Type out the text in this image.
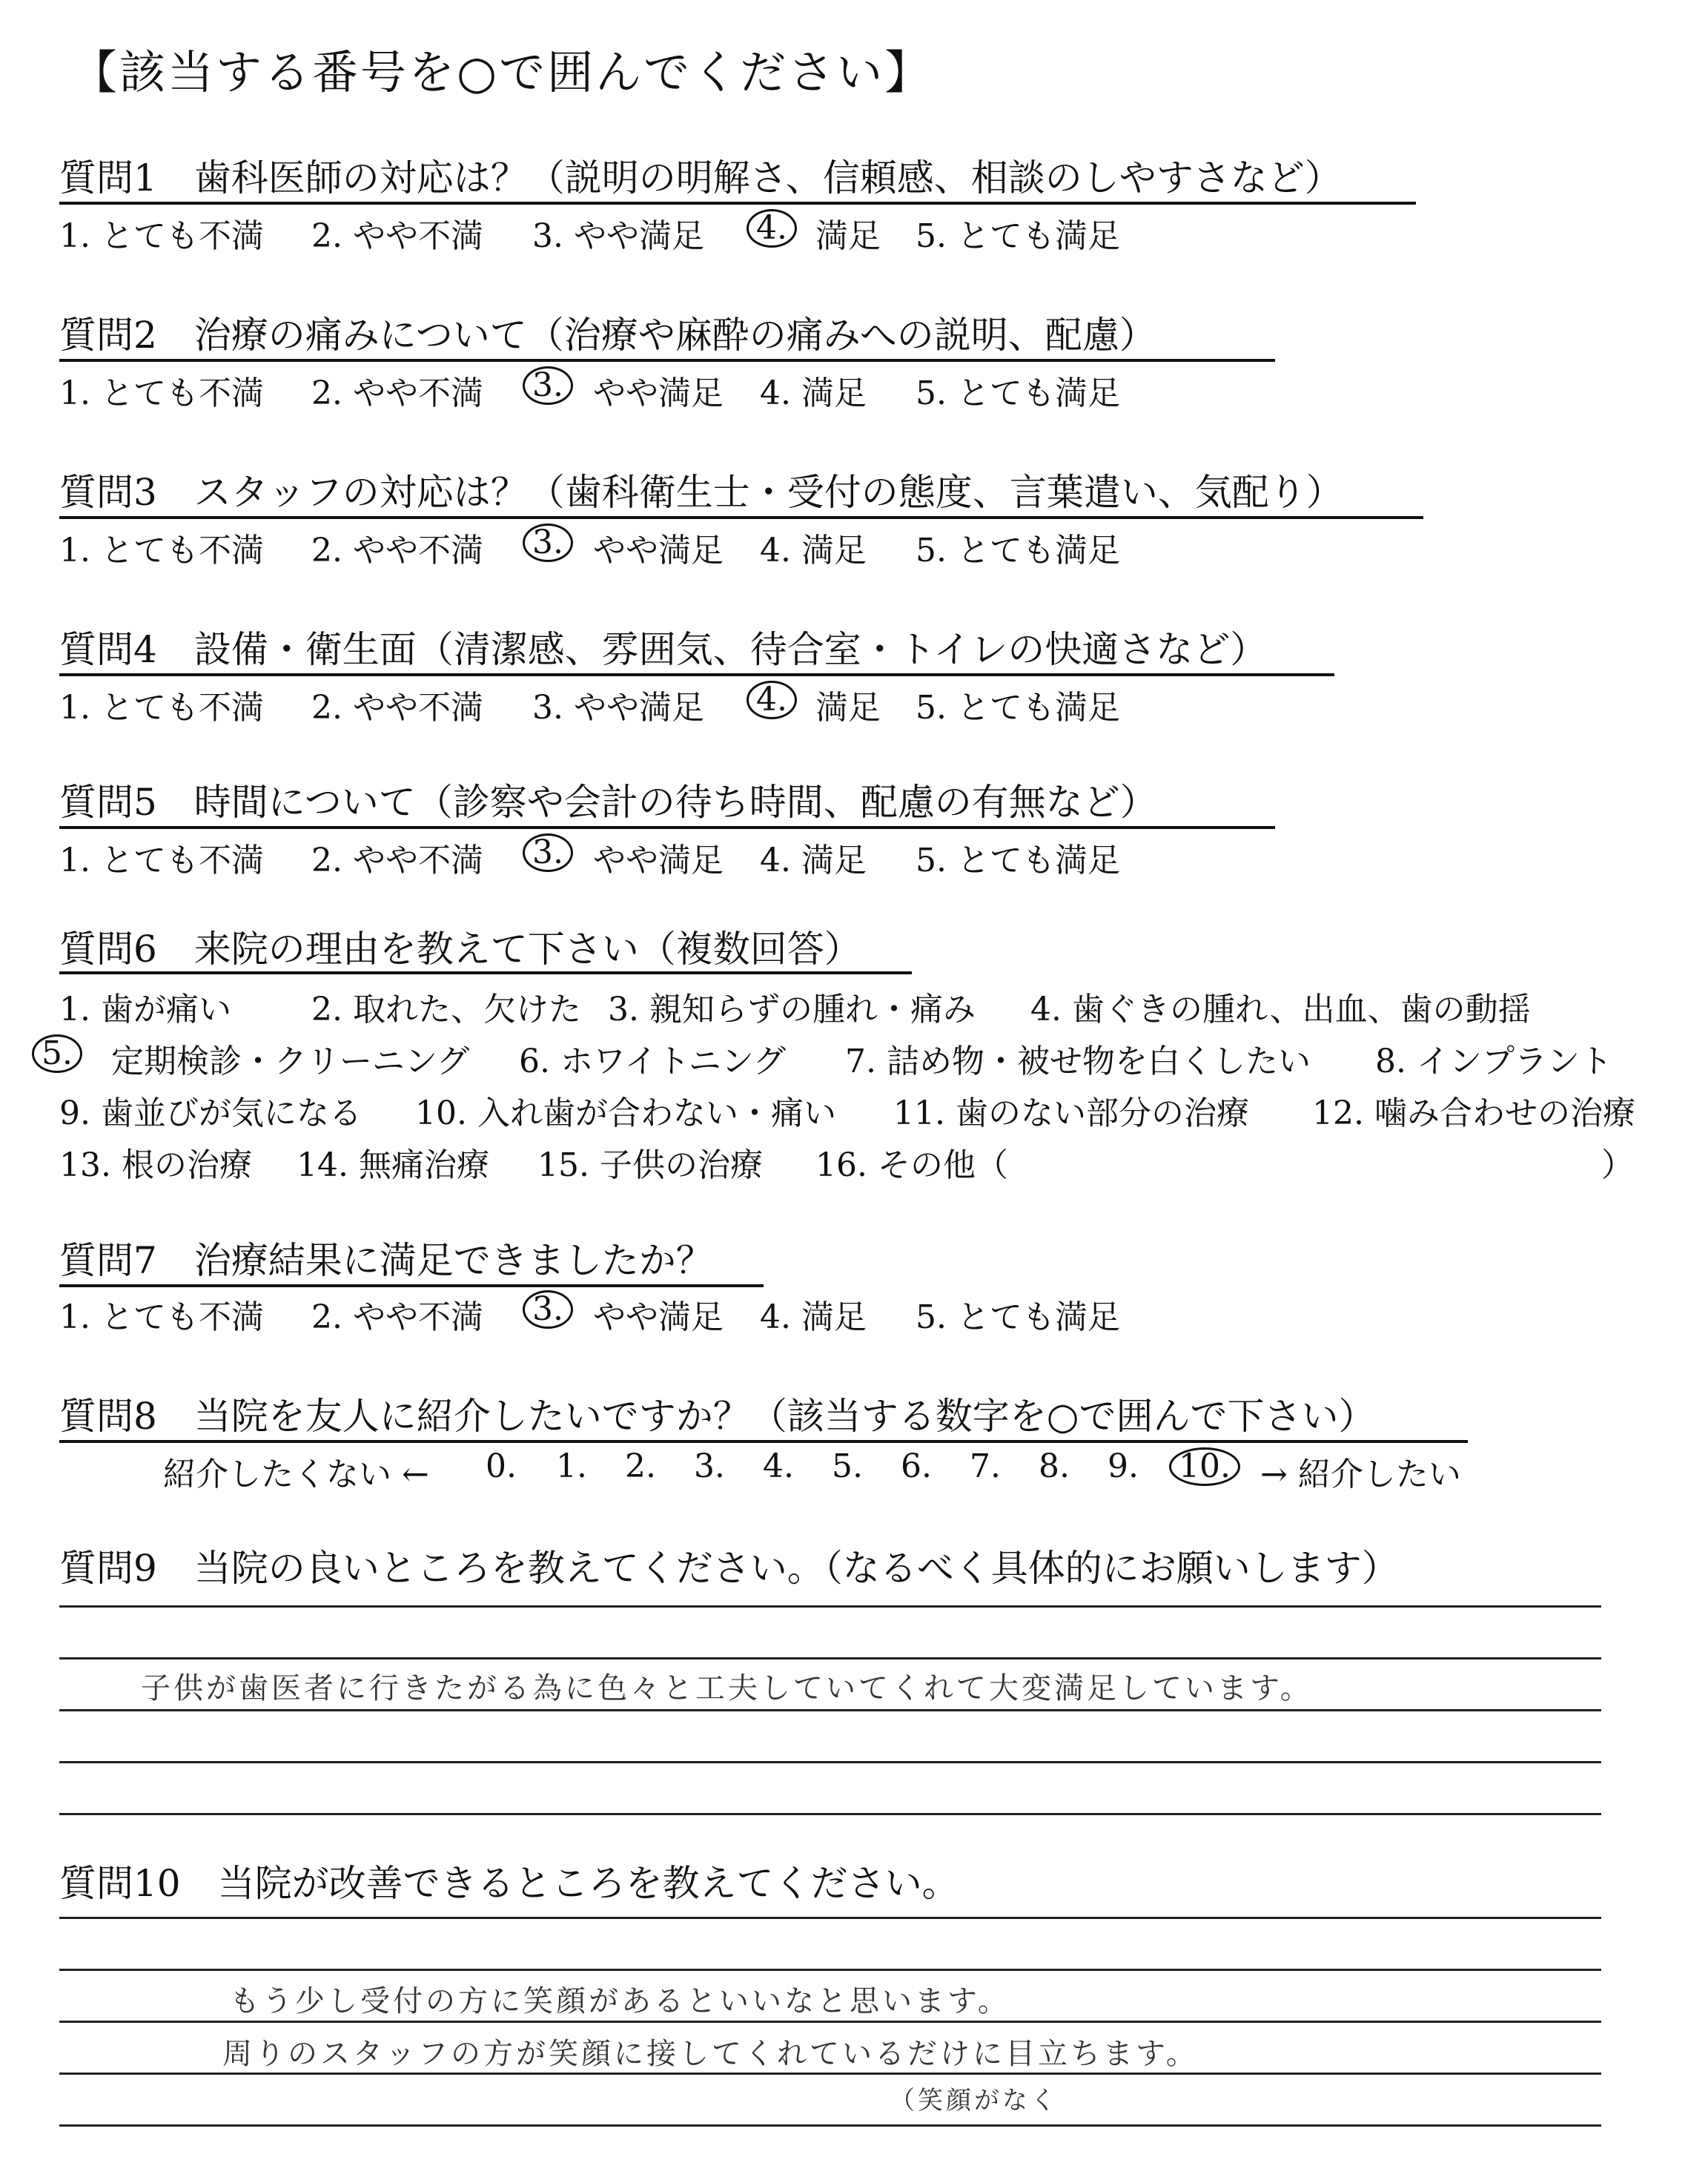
【該当する番号を○で囲んでください】
質問1　歯科医師の対応は？（説明の明解さ、信頼感、相談のしやすさなど）
1. とても不満 2. やや不満 3. やや満足 4. 満足 5. とても満足
質問2　治療の痛みについて（治療や麻酔の痛みへの説明、配慮）
1. とても不満 2. やや不満 3. やや満足 4. 満足 5. とても満足
質問3　スタッフの対応は？（歯科衛生士・受付の態度、言葉遣い、気配り）
1. とても不満 2. やや不満 3. やや満足 4. 満足 5. とても満足
質問4　設備・衛生面（清潔感、雰囲気、待合室・トイレの快適さなど）
1. とても不満 2. やや不満 3. やや満足 4. 満足 5. とても満足
質問5　時間について（診察や会計の待ち時間、配慮の有無など）
1. とても不満 2. やや不満 3. やや満足 4. 満足 5. とても満足
質問6　来院の理由を教えて下さい（複数回答）
1. 歯が痛い 2. 取れた、欠けた 3. 親知らずの腫れ・痛み 4. 歯ぐきの腫れ、出血、歯の動揺
5. 定期検診・クリーニング 6. ホワイトニング 7. 詰め物・被せ物を白くしたい 8. インプラント
9. 歯並びが気になる 10. 入れ歯が合わない・痛い 11. 歯のない部分の治療 12. 噛み合わせの治療
13. 根の治療 14. 無痛治療 15. 子供の治療 16. その他（	）
質問7　治療結果に満足できましたか？
1. とても不満 2. やや不満 3. やや満足 4. 満足 5. とても満足
質問8　当院を友人に紹介したいですか？（該当する数字を○で囲んで下さい）
紹介したくない ← 0. 1. 2. 3. 4. 5. 6. 7. 8. 9. 10. → 紹介したい
質問9　当院の良いところを教えてください。（なるべく具体的にお願いします）
子供が歯医者に行きたがる為に色々と工夫していてくれて大変満足しています。
質問10　当院が改善できるところを教えてください。
もう少し受付の方に笑顔があるといいなと思います。
周りのスタッフの方が笑顔に接してくれているだけに目立ちます。
（笑顔がなく
